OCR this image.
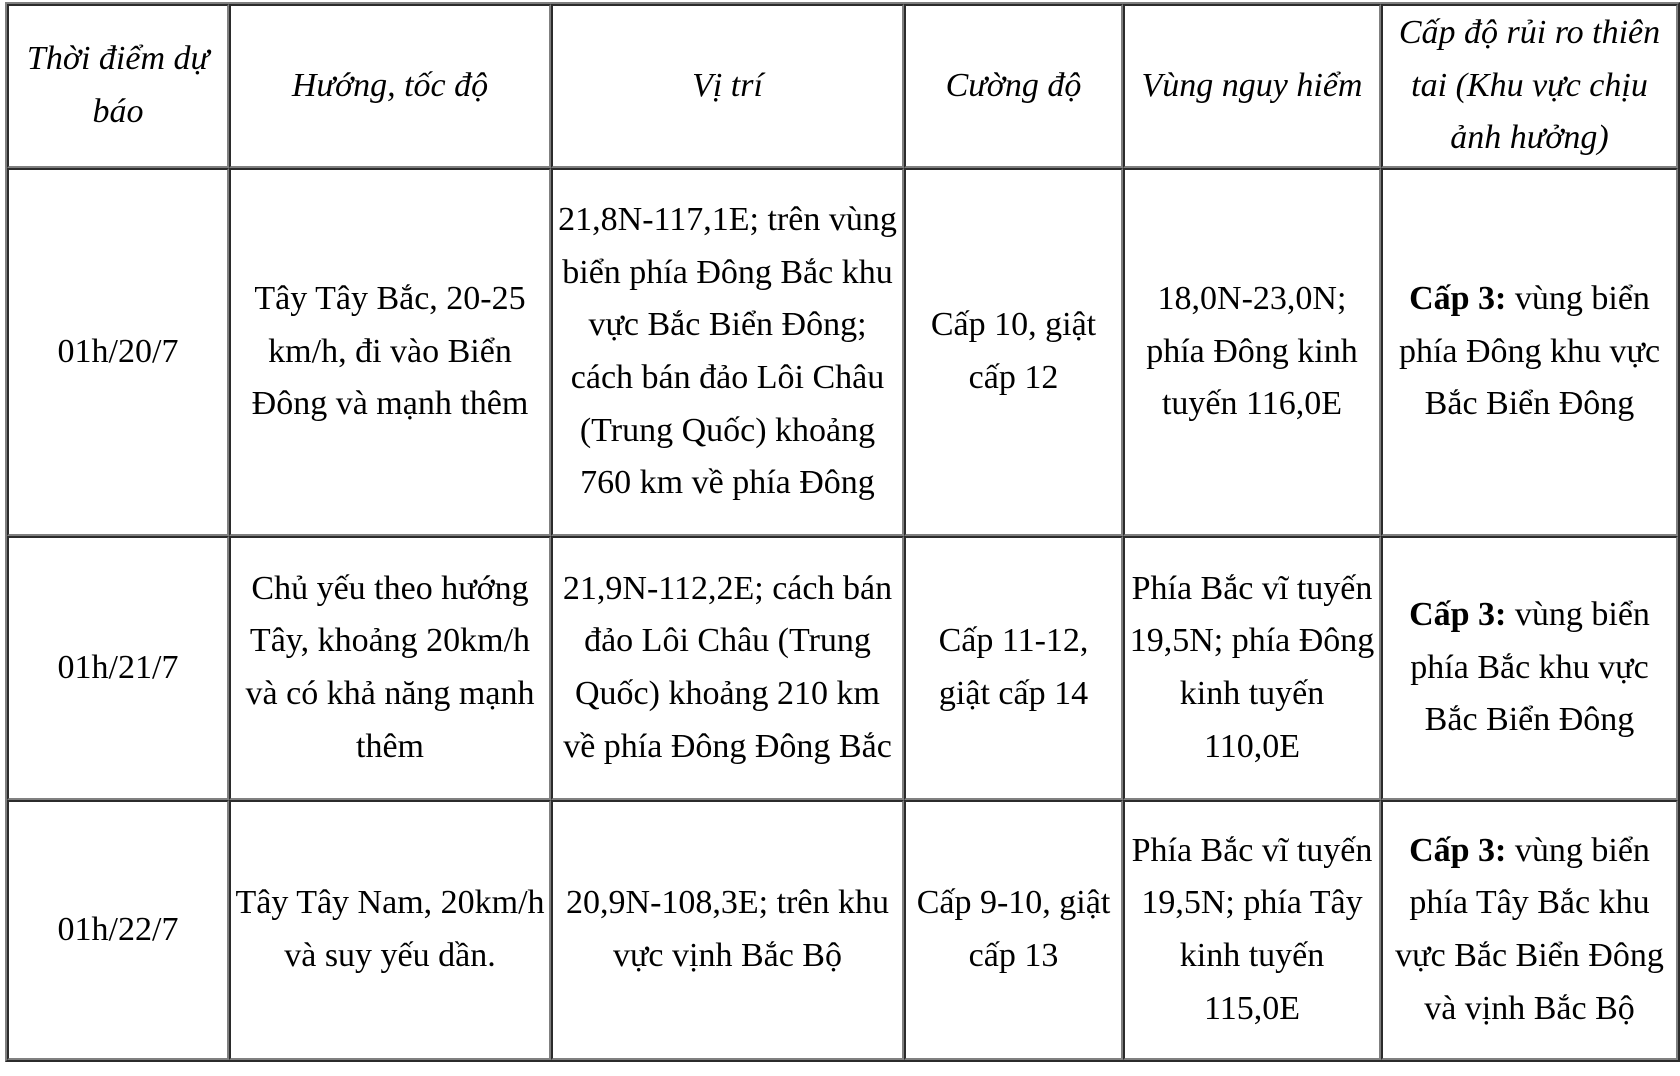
Thời điểm dự báo	Hướng, tốc độ	Vị trí	Cường độ	Vùng nguy hiểm	Cấp độ rủi ro thiên tai (Khu vực chịu ảnh hưởng)
01h/20/7	Tây Tây Bắc, 20-25 km/h, đi vào Biển Đông và mạnh thêm	21,8N-117,1E; trên vùng biển phía Đông Bắc khu vực Bắc Biển Đông; cách bán đảo Lôi Châu (Trung Quốc) khoảng 760 km về phía Đông	Cấp 10, giật cấp 12	18,0N-23,0N; phía Đông kinh tuyến 116,0E	Cấp 3: vùng biển phía Đông khu vực Bắc Biển Đông
01h/21/7	Chủ yếu theo hướng Tây, khoảng 20km/h và có khả năng mạnh thêm	21,9N-112,2E; cách bán đảo Lôi Châu (Trung Quốc) khoảng 210 km về phía Đông Đông Bắc	Cấp 11-12, giật cấp 14	Phía Bắc vĩ tuyến 19,5N; phía Đông kinh tuyến 110,0E	Cấp 3: vùng biển phía Bắc khu vực Bắc Biển Đông
01h/22/7	Tây Tây Nam, 20km/h và suy yếu dần.	20,9N-108,3E; trên khu vực vịnh Bắc Bộ	Cấp 9-10, giật cấp 13	Phía Bắc vĩ tuyến 19,5N; phía Tây kinh tuyến 115,0E	Cấp 3: vùng biển phía Tây Bắc khu vực Bắc Biển Đông và vịnh Bắc Bộ
